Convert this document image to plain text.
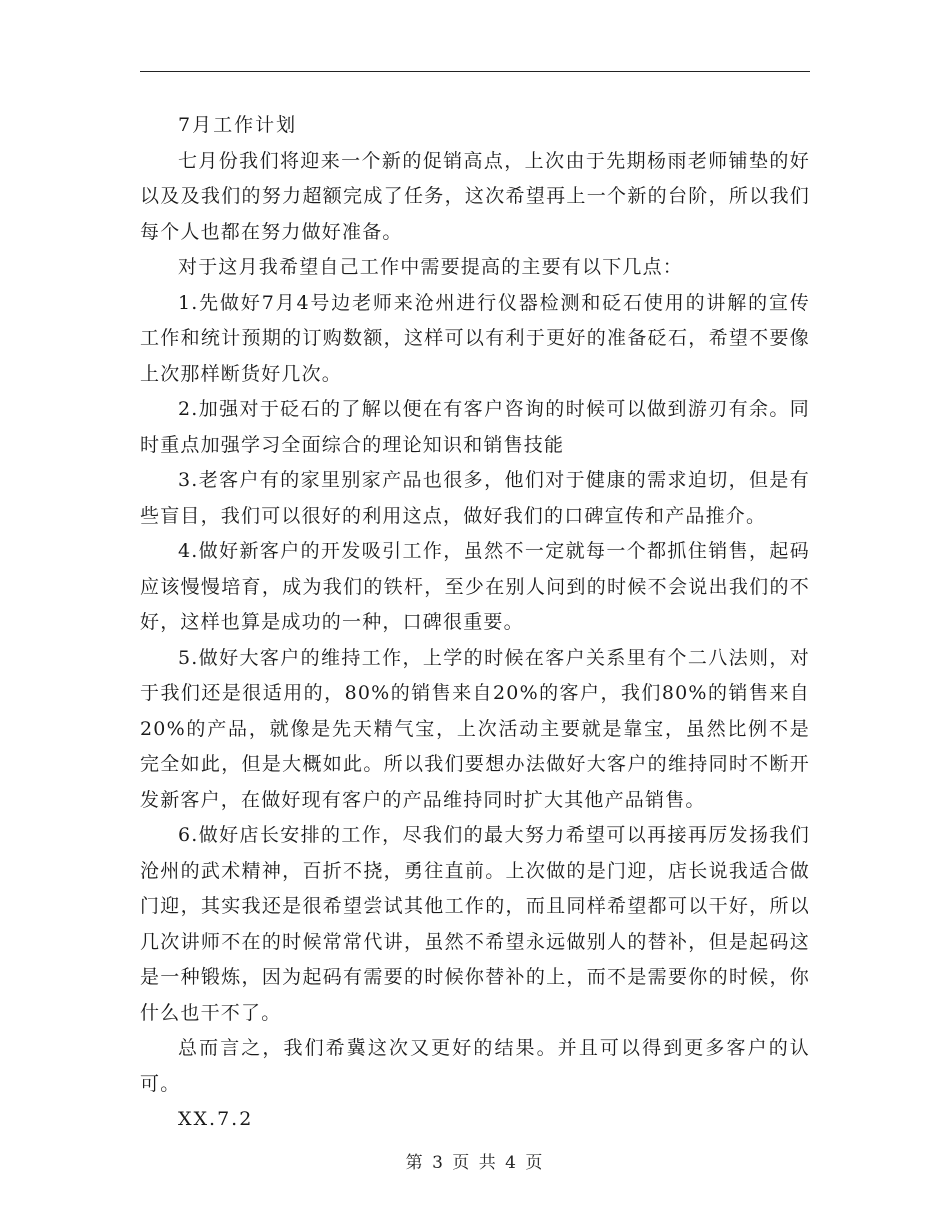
7月工作计划

七月份我们将迎来一个新的促销高点，上次由于先期杨雨老师铺垫的好以及及我们的努力超额完成了任务，这次希望再上一个新的台阶，所以我们每个人也都在努力做好准备。

对于这月我希望自己工作中需要提高的主要有以下几点：

1.先做好7月4号边老师来沧州进行仪器检测和砭石使用的讲解的宣传工作和统计预期的订购数额，这样可以有利于更好的准备砭石，希望不要像上次那样断货好几次。

2.加强对于砭石的了解以便在有客户咨询的时候可以做到游刃有余。同时重点加强学习全面综合的理论知识和销售技能

3.老客户有的家里别家产品也很多，他们对于健康的需求迫切，但是有些盲目，我们可以很好的利用这点，做好我们的口碑宣传和产品推介。

4.做好新客户的开发吸引工作，虽然不一定就每一个都抓住销售，起码应该慢慢培育，成为我们的铁杆，至少在别人问到的时候不会说出我们的不好，这样也算是成功的一种，口碑很重要。

5.做好大客户的维持工作，上学的时候在客户关系里有个二八法则，对于我们还是很适用的，80%的销售来自20%的客户，我们80%的销售来自20%的产品，就像是先天精气宝，上次活动主要就是靠宝，虽然比例不是完全如此，但是大概如此。所以我们要想办法做好大客户的维持同时不断开发新客户，在做好现有客户的产品维持同时扩大其他产品销售。

6.做好店长安排的工作，尽我们的最大努力希望可以再接再厉发扬我们沧州的武术精神，百折不挠，勇往直前。上次做的是门迎，店长说我适合做门迎，其实我还是很希望尝试其他工作的，而且同样希望都可以干好，所以几次讲师不在的时候常常代讲，虽然不希望永远做别人的替补，但是起码这是一种锻炼，因为起码有需要的时候你替补的上，而不是需要你的时候，你什么也干不了。

总而言之，我们希冀这次又更好的结果。并且可以得到更多客户的认可。

XX.7.2

第 3 页 共 4 页
